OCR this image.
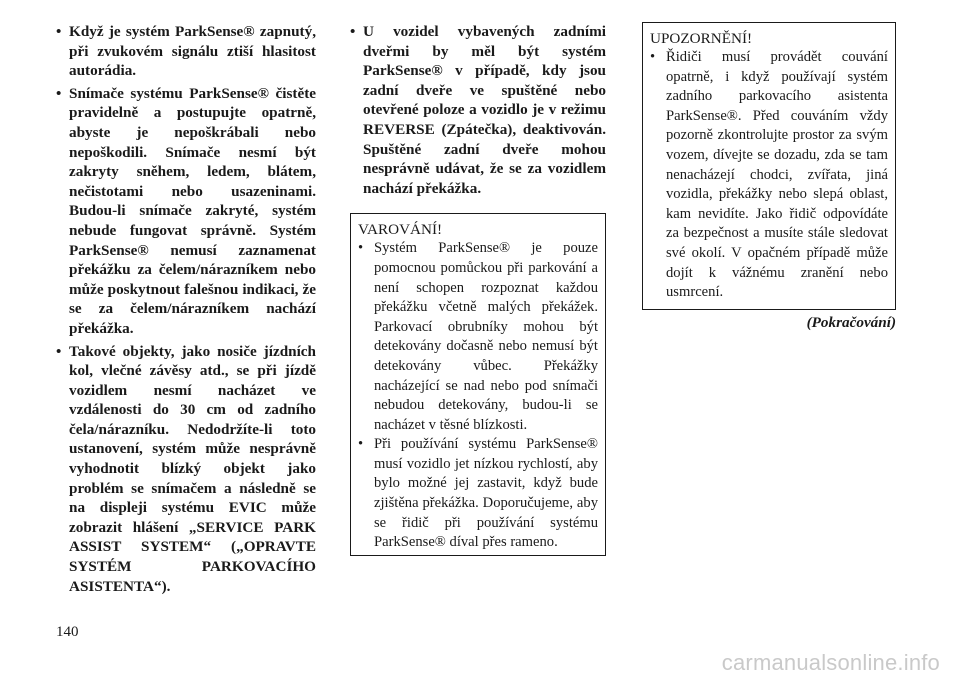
• Když je systém ParkSense® zapnutý, při zvukovém signálu ztiší hlasitost autorádia.
• Snímače systému ParkSense® čistěte pravidelně a postupujte opatrně, abyste je nepoškrábali nebo nepoškodili. Snímače nesmí být zakryty sněhem, ledem, blátem, nečistotami nebo usazeninami. Budou-li snímače zakryté, systém nebude fungovat správně. Systém ParkSense® nemusí zaznamenat překážku za čelem/nárazníkem nebo může poskytnout falešnou indikaci, že se za čelem/nárazníkem nachází překážka.
• Takové objekty, jako nosiče jízdních kol, vlečné závěsy atd., se při jízdě vozidlem nesmí nacházet ve vzdálenosti do 30 cm od zadního čela/nárazníku. Nedodržíte-li toto ustanovení, systém může nesprávně vyhodnotit blízký objekt jako problém se snímačem a následně se na displeji systému EVIC může zobrazit hlášení „SERVICE PARK ASSIST SYSTEM“ („OPRAVTE SYSTÉM PARKOVACÍHO ASISTENTA“).
• U vozidel vybavených zadními dveřmi by měl být systém ParkSense® v případě, kdy jsou zadní dveře ve spuštěné nebo otevřené poloze a vozidlo je v režimu REVERSE (Zpátečka), deaktivován. Spuštěné zadní dveře mohou nesprávně udávat, že se za vozidlem nachází překážka.
VAROVÁNÍ!
• Systém ParkSense® je pouze pomocnou pomůckou při parkování a není schopen rozpoznat každou překážku včetně malých překážek. Parkovací obrubníky mohou být detekovány dočasně nebo nemusí být detekovány vůbec. Překážky nacházející se nad nebo pod snímači nebudou detekovány, budou-li se nacházet v těsné blízkosti.
• Při používání systému ParkSense® musí vozidlo jet nízkou rychlostí, aby bylo možné jej zastavit, když bude zjištěna překážka. Doporučujeme, aby se řidič při používání systému ParkSense® díval přes rameno.
UPOZORNĚNÍ!
• Řidiči musí provádět couvání opatrně, i když používají systém zadního parkovacího asistenta ParkSense®. Před couváním vždy pozorně zkontrolujte prostor za svým vozem, dívejte se dozadu, zda se tam nenacházejí chodci, zvířata, jiná vozidla, překážky nebo slepá oblast, kam nevidíte. Jako řidič odpovídáte za bezpečnost a musíte stále sledovat své okolí. V opačném případě může dojít k vážnému zranění nebo usmrcení.
(Pokračování)
140
carmanualsonline.info
